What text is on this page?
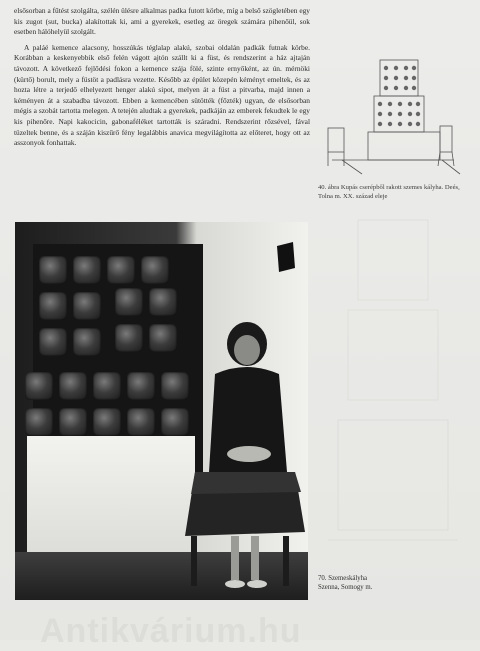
elsősorban a fűtést szolgálta, szélén ülésre alkalmas padka futott körbe, míg a belső szögletében egy kis zugot (sut, bucka) alakítottak ki, ami a gyerekek, esetleg az öregek számára pihenőül, sok esetben hálóhelyül szolgált.

A paláé kemence alacsony, hosszúkás téglalap alakú, szobai oldalán padkák futnak körbe. Korábban a keskenyebbik első felén vágott ajtón szállt ki a füst, és rendszerint a ház ajtaján távozott. A következő fejlődési fokon a kemence szája fölé, szinte ernyőként, az ún. mérnöki (kürtő) borult, mely a füstöt a padlásra vezette. Később az épület közepén kéményt emeltek, és az hozta létre a terjedő elhelyezett henger alakú sipot, melyen át a füst a pitvarba, majd innen a kéményen át a szabadba távozott. Ebben a kemencében sütötték (főzték) ugyan, de elsősorban mégis a szobát tartotta melegen. A tetején aludtak a gyerekek, padkáján az emberek fekudtek le egy kis pihenőre. Napi kakocicin, gabonaféléket tartották is száradni. Rendszerint rőzsével, fával tüzeltek benne, és a száján kiszűrő fény legalábbis anavica megvilágította az előteret, hogy ott az asszonyok fonhattak.

40. ábra Kupás cserépből rakott szemes kályha. Deés, Tolna m. XX. század eleje
70. Szemeskályha
Szenna, Somogy m.
Antikvárium.hu
